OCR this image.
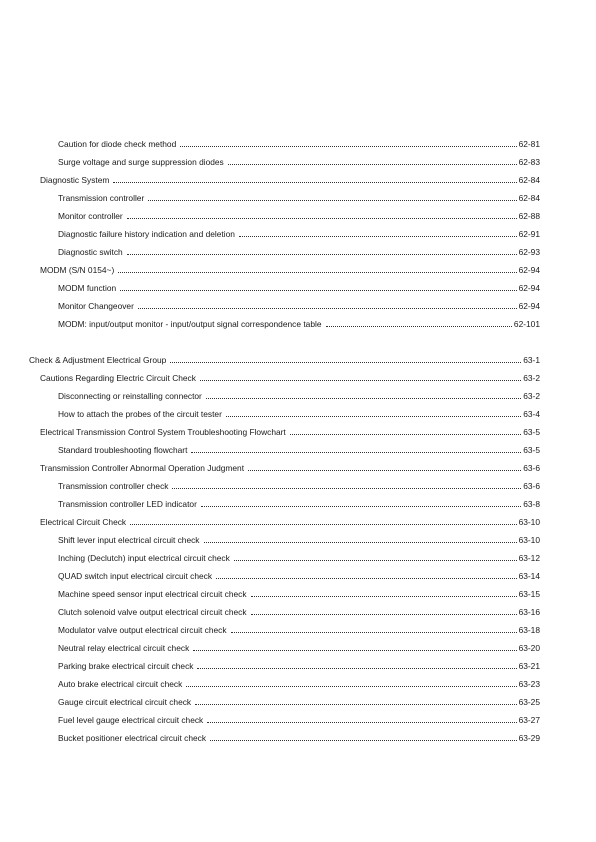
Caution for diode check method	62-81
Surge voltage and surge suppression diodes	62-83
Diagnostic System	62-84
Transmission controller	62-84
Monitor controller	62-88
Diagnostic failure history indication and deletion	62-91
Diagnostic switch	62-93
MODM (S/N 0154~)	62-94
MODM function	62-94
Monitor Changeover	62-94
MODM: input/output monitor - input/output signal correspondence table	62-101
Check & Adjustment Electrical Group	63-1
Cautions Regarding Electric Circuit Check	63-2
Disconnecting or reinstalling connector	63-2
How to attach the probes of the circuit tester	63-4
Electrical Transmission Control System Troubleshooting Flowchart	63-5
Standard troubleshooting flowchart	63-5
Transmission Controller Abnormal Operation Judgment	63-6
Transmission controller check	63-6
Transmission controller LED indicator	63-8
Electrical Circuit Check	63-10
Shift lever input electrical circuit check	63-10
Inching (Declutch) input electrical circuit check	63-12
QUAD switch input electrical circuit check	63-14
Machine speed sensor input electrical circuit check	63-15
Clutch solenoid valve output electrical circuit check	63-16
Modulator valve output electrical circuit check	63-18
Neutral relay electrical circuit check	63-20
Parking brake electrical circuit check	63-21
Auto brake electrical circuit check	63-23
Gauge circuit electrical circuit check	63-25
Fuel level gauge electrical circuit check	63-27
Bucket positioner electrical circuit check	63-29
